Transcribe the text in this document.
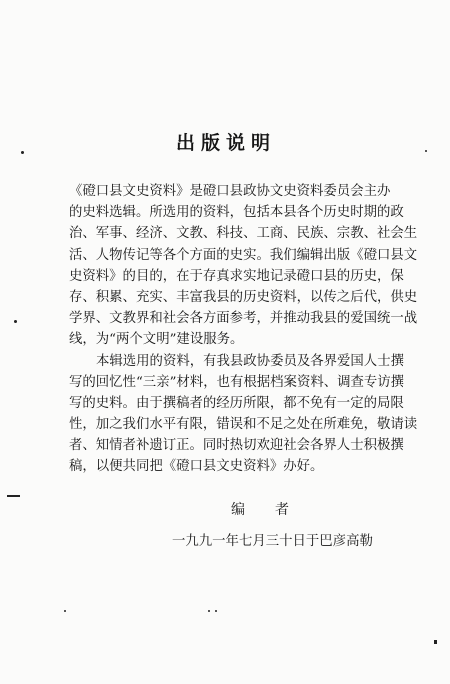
出版说明
《磴口县文史资料》是磴口县政协文史资料委员会主办
的史料选辑。所选用的资料，包括本县各个历史时期的政
治、军事、经济、文教、科技、工商、民族、宗教、社会生
活、人物传记等各个方面的史实。我们编辑出版《磴口县文
史资料》的目的，在于存真求实地记录磴口县的历史，保
存、积累、充实、丰富我县的历史资料，以传之后代，供史
学界、文教界和社会各方面参考，并推动我县的爱国统一战
线，为“两个文明”建设服务。
本辑选用的资料，有我县政协委员及各界爱国人士撰
写的回忆性“三亲”材料，也有根据档案资料、调查专访撰
写的史料。由于撰稿者的经历所限，都不免有一定的局限
性，加之我们水平有限，错误和不足之处在所难免，敬请读
者、知情者补遗订正。同时热切欢迎社会各界人士积极撰
稿，以便共同把《磴口县文史资料》办好。
编者
一九九一年七月三十日于巴彦高勒
